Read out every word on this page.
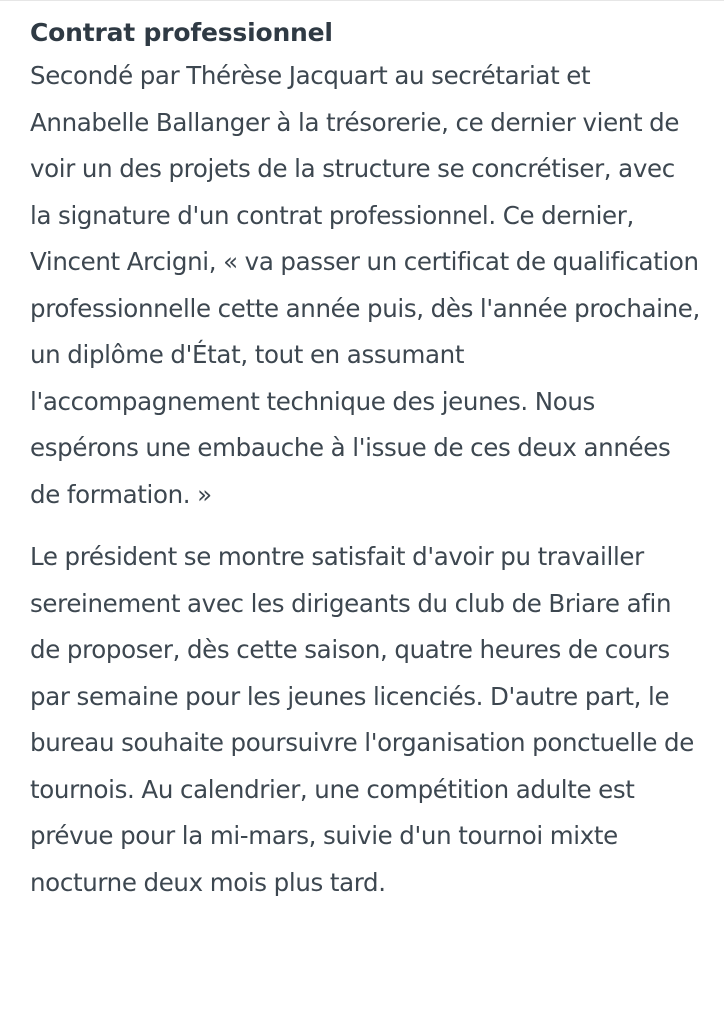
Contrat professionnel

Secondé par Thérèse Jacquart au secrétariat et Annabelle Ballanger à la trésorerie, ce dernier vient de voir un des projets de la structure se concrétiser, avec la signature d'un contrat professionnel. Ce dernier, Vincent Arcigni, « va passer un certificat de qualification professionnelle cette année puis, dès l'année prochaine, un diplôme d'État, tout en assumant l'accompagnement technique des jeunes. Nous espérons une embauche à l'issue de ces deux années de formation. »

Le président se montre satisfait d'avoir pu travailler sereinement avec les dirigeants du club de Briare afin de proposer, dès cette saison, quatre heures de cours par semaine pour les jeunes licenciés. D'autre part, le bureau souhaite poursuivre l'organisation ponctuelle de tournois. Au calendrier, une compétition adulte est prévue pour la mi-mars, suivie d'un tournoi mixte nocturne deux mois plus tard.
